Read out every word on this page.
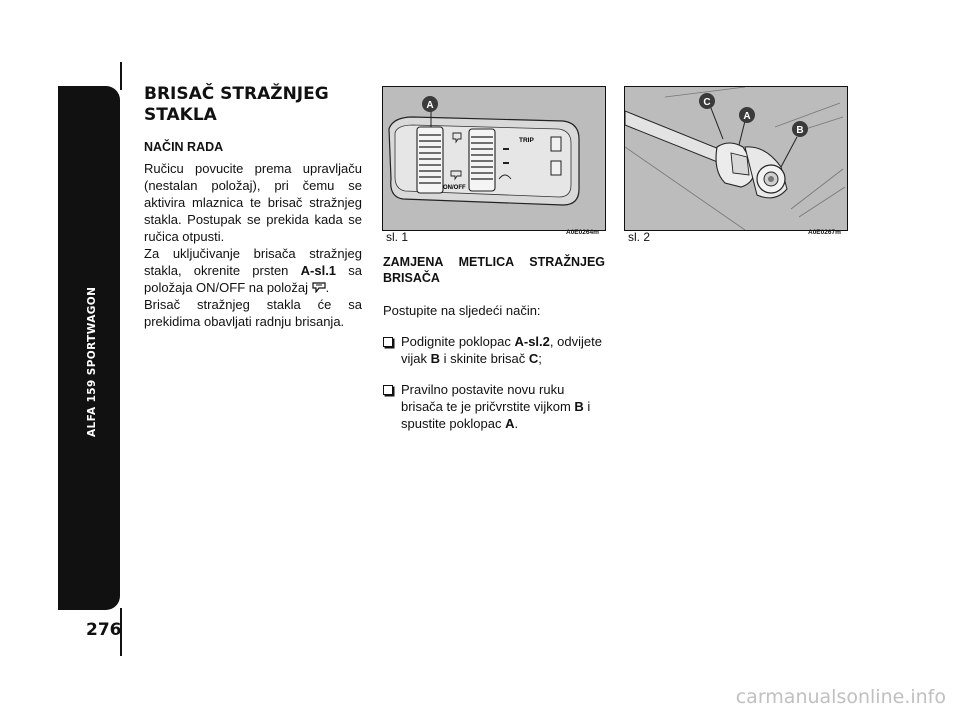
ALFA 159 SPORTWAGON
276
BRISAČ STRAŽNJEG
STAKLA
NAČIN RADA

Ručicu povucite prema upravljaču (nestalan položaj), pri čemu se aktivira mlaznica te brisač stražnjeg stakla. Postupak se prekida kada se ručica otpusti.

Za uključivanje brisača stražnjeg stakla, okrenite prsten A-sl.1 sa položaja ON/OFF na položaj .

Brisač stražnjeg stakla će sa prekidima obavljati radnju brisanja.

TRIP
ON/OFF
A
sl. 1	A0E0264m
C
A
B
sl. 2	A0E0267m
ZAMJENA METLICA STRAŽNJEG BRISAČA
Postupite na sljedeći način:
Podignite poklopac A-sl.2, odvijete vijak B i skinite brisač C;
Pravilno postavite novu ruku brisača te je pričvrstite vijkom B i spustite poklopac A.
carmanualsonline.info
